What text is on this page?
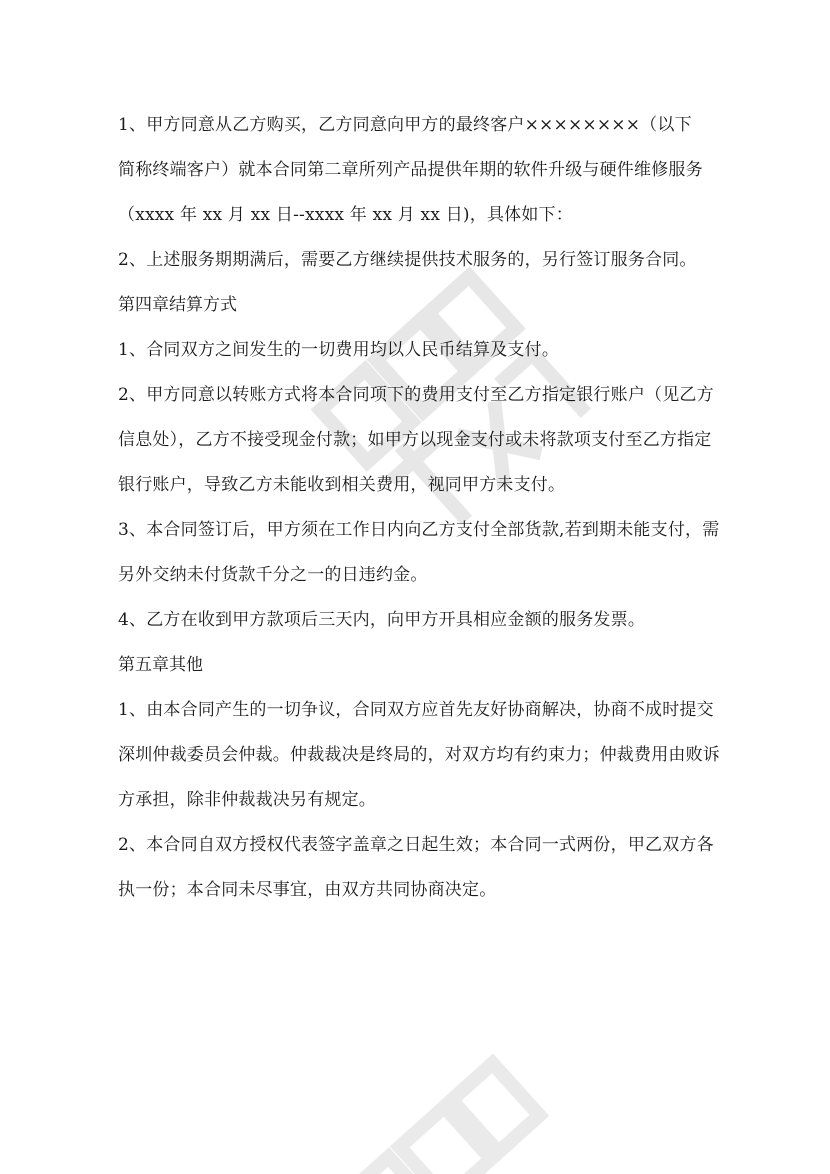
1、甲方同意从乙方购买，乙方同意向甲方的最终客户××××××××（以下
简称终端客户）就本合同第二章所列产品提供年期的软件升级与硬件维修服务
（xxxx 年 xx 月 xx 日--xxxx 年 xx 月 xx 日)，具体如下：
2、上述服务期期满后，需要乙方继续提供技术服务的，另行签订服务合同。
第四章结算方式
1、合同双方之间发生的一切费用均以人民币结算及支付。
2、甲方同意以转账方式将本合同项下的费用支付至乙方指定银行账户（见乙方
信息处），乙方不接受现金付款；如甲方以现金支付或未将款项支付至乙方指定
银行账户，导致乙方未能收到相关费用，视同甲方未支付。
3、本合同签订后，甲方须在工作日内向乙方支付全部货款,若到期未能支付，需
另外交纳未付货款千分之一的日违约金。
4、乙方在收到甲方款项后三天内，向甲方开具相应金额的服务发票。
第五章其他
1、由本合同产生的一切争议，合同双方应首先友好协商解决，协商不成时提交
深圳仲裁委员会仲裁。仲裁裁决是终局的，对双方均有约束力；仲裁费用由败诉
方承担，除非仲裁裁决另有规定。
2、本合同自双方授权代表签字盖章之日起生效；本合同一式两份，甲乙双方各
执一份；本合同未尽事宜，由双方共同协商决定。
